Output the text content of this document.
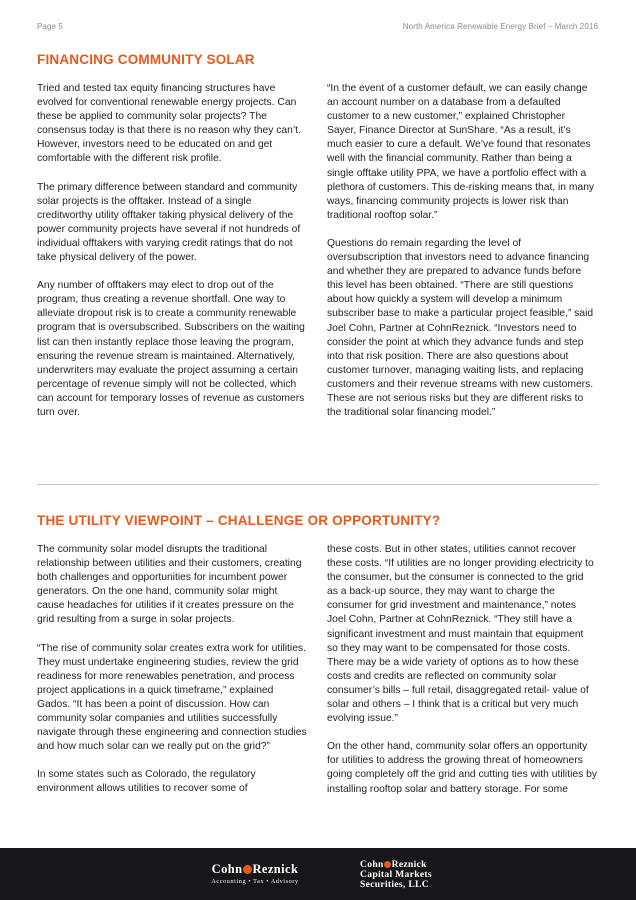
Page 5	North America Renewable Energy Brief – March 2016
FINANCING COMMUNITY SOLAR

Tried and tested tax equity financing structures have evolved for conventional renewable energy projects. Can these be applied to community solar projects? The consensus today is that there is no reason why they can’t. However, investors need to be educated on and get comfortable with the different risk profile.

The primary difference between standard and community solar projects is the offtaker. Instead of a single creditworthy utility offtaker taking physical delivery of the power community projects have several if not hundreds of individual offtakers with varying credit ratings that do not take physical delivery of the power.

Any number of offtakers may elect to drop out of the program, thus creating a revenue shortfall. One way to alleviate dropout risk is to create a community renewable program that is oversubscribed. Subscribers on the waiting list can then instantly replace those leaving the program, ensuring the revenue stream is maintained. Alternatively, underwriters may evaluate the project assuming a certain percentage of revenue simply will not be collected, which can account for temporary losses of revenue as customers turn over.

“In the event of a customer default, we can easily change an account number on a database from a defaulted customer to a new customer,” explained Christopher Sayer, Finance Director at SunShare. “As a result, it’s much easier to cure a default. We’ve found that resonates well with the financial community. Rather than being a single offtake utility PPA, we have a portfolio effect with a plethora of customers. This de-risking means that, in many ways, financing community projects is lower risk than traditional rooftop solar.”

Questions do remain regarding the level of oversubscription that investors need to advance financing and whether they are prepared to advance funds before this level has been obtained. “There are still questions about how quickly a system will develop a minimum subscriber base to make a particular project feasible,” said Joel Cohn, Partner at CohnReznick. “Investors need to consider the point at which they advance funds and step into that risk position. There are also questions about customer turnover, managing waiting lists, and replacing customers and their revenue streams with new customers. These are not serious risks but they are different risks to the traditional solar financing model.”

THE UTILITY VIEWPOINT – CHALLENGE OR OPPORTUNITY?

The community solar model disrupts the traditional relationship between utilities and their customers, creating both challenges and opportunities for incumbent power generators. On the one hand, community solar might cause headaches for utilities if it creates pressure on the grid resulting from a surge in solar projects.

“The rise of community solar creates extra work for utilities. They must undertake engineering studies, review the grid readiness for more renewables penetration, and process project applications in a quick timeframe,” explained Gados. “It has been a point of discussion. How can community solar companies and utilities successfully navigate through these engineering and connection studies and how much solar can we really put on the grid?”

In some states such as Colorado, the regulatory environment allows utilities to recover some of

these costs. But in other states, utilities cannot recover these costs. “If utilities are no longer providing electricity to the consumer, but the consumer is connected to the grid as a back-up source, they may want to charge the consumer for grid investment and maintenance,” notes Joel Cohn, Partner at CohnReznick. “They still have a significant investment and must maintain that equipment so they may want to be compensated for those costs. There may be a wide variety of options as to how these costs and credits are reflected on community solar consumer’s bills – full retail, disaggregated retail- value of solar and others – I think that is a critical but very much evolving issue.”

On the other hand, community solar offers an opportunity for utilities to address the growing threat of homeowners going completely off the grid and cutting ties with utilities by installing rooftop solar and battery storage. For some

Cohn Reznick
Accounting • Tax • Advisory
Cohn Reznick
Capital Markets
Securities, LLC
